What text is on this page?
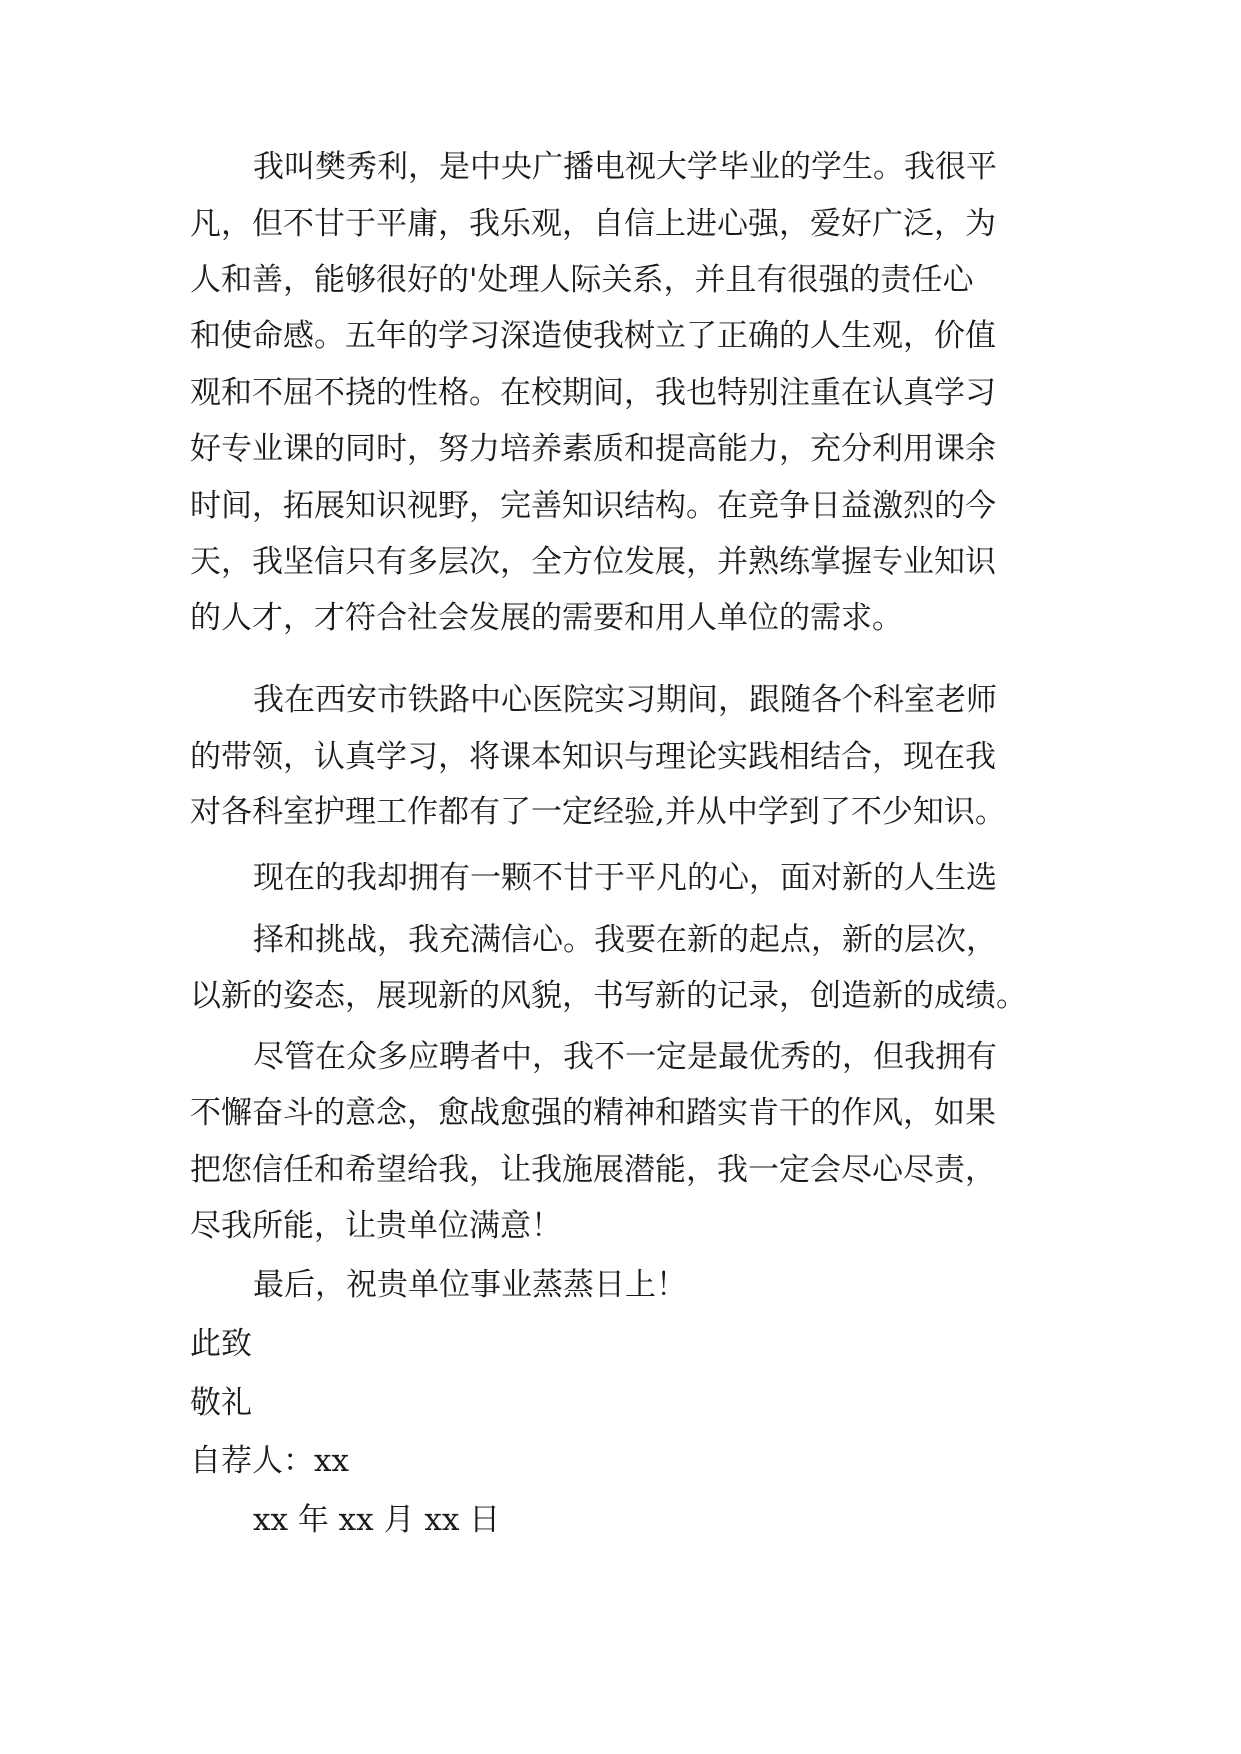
我叫樊秀利，是中央广播电视大学毕业的学生。我很平

凡，但不甘于平庸，我乐观，自信上进心强，爱好广泛，为

人和善，能够很好的'处理人际关系，并且有很强的责任心

和使命感。五年的学习深造使我树立了正确的人生观，价值

观和不屈不挠的性格。在校期间，我也特别注重在认真学习

好专业课的同时，努力培养素质和提高能力，充分利用课余

时间，拓展知识视野，完善知识结构。在竞争日益激烈的今

天，我坚信只有多层次，全方位发展，并熟练掌握专业知识

的人才，才符合社会发展的需要和用人单位的需求。

我在西安市铁路中心医院实习期间，跟随各个科室老师

的带领，认真学习，将课本知识与理论实践相结合，现在我

对各科室护理工作都有了一定经验,并从中学到了不少知识。

现在的我却拥有一颗不甘于平凡的心，面对新的人生选

择和挑战，我充满信心。我要在新的起点，新的层次，

以新的姿态，展现新的风貌，书写新的记录，创造新的成绩。

尽管在众多应聘者中，我不一定是最优秀的，但我拥有

不懈奋斗的意念，愈战愈强的精神和踏实肯干的作风，如果

把您信任和希望给我，让我施展潜能，我一定会尽心尽责，

尽我所能，让贵单位满意！

最后，祝贵单位事业蒸蒸日上！

此致

敬礼

自荐人：xx

xx 年 xx 月 xx 日
